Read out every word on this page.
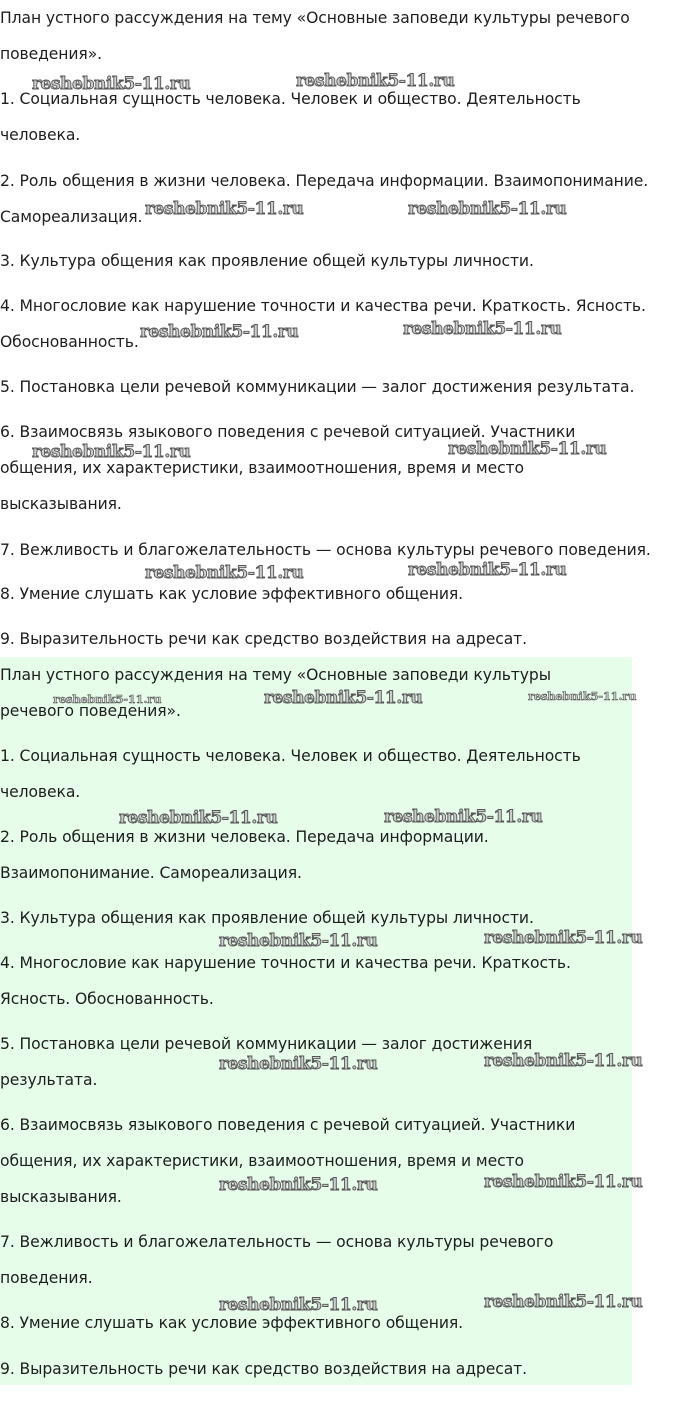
План устного рассуждения на тему «Основные заповеди культуры речевого
поведения».
1. Социальная сущность человека. Человек и общество. Деятельность
человека.
2. Роль общения в жизни человека. Передача информации. Взаимопонимание.
Самореализация.
3. Культура общения как проявление общей культуры личности.
4. Многословие как нарушение точности и качества речи. Краткость. Ясность.
Обоснованность.
5. Постановка цели речевой коммуникации — залог достижения результата.
6. Взаимосвязь языкового поведения с речевой ситуацией. Участники
общения, их характеристики, взаимоотношения, время и место
высказывания.
7. Вежливость и благожелательность — основа культуры речевого поведения.
8. Умение слушать как условие эффективного общения.
9. Выразительность речи как средство воздействия на адресат.
План устного рассуждения на тему «Основные заповеди культуры
речевого поведения».
1. Социальная сущность человека. Человек и общество. Деятельность
человека.
2. Роль общения в жизни человека. Передача информации.
Взаимопонимание. Самореализация.
3. Культура общения как проявление общей культуры личности.
4. Многословие как нарушение точности и качества речи. Краткость.
Ясность. Обоснованность.
5. Постановка цели речевой коммуникации — залог достижения
результата.
6. Взаимосвязь языкового поведения с речевой ситуацией. Участники
общения, их характеристики, взаимоотношения, время и место
высказывания.
7. Вежливость и благожелательность — основа культуры речевого
поведения.
8. Умение слушать как условие эффективного общения.
9. Выразительность речи как средство воздействия на адресат.
reshebnik5-11.ru	reshebnik5-11.ru
reshebnik5-11.ru	reshebnik5-11.ru
reshebnik5-11.ru	reshebnik5-11.ru
reshebnik5-11.ru	reshebnik5-11.ru
reshebnik5-11.ru	reshebnik5-11.ru
reshebnik5-11.ru	reshebnik5-11.ru	reshebnik5-11.ru
reshebnik5-11.ru	reshebnik5-11.ru
reshebnik5-11.ru	reshebnik5-11.ru
reshebnik5-11.ru	reshebnik5-11.ru
reshebnik5-11.ru	reshebnik5-11.ru
reshebnik5-11.ru	reshebnik5-11.ru
